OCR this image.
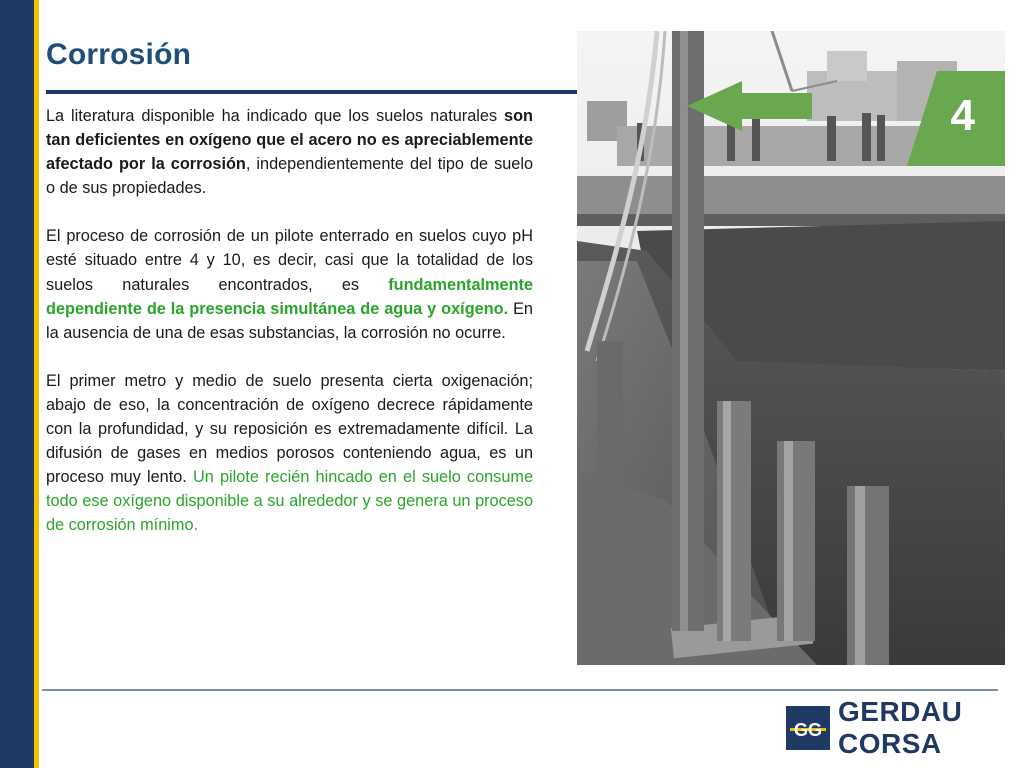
Corrosión

La literatura disponible ha indicado que los suelos naturales son tan deficientes en oxígeno que el acero no es apreciablemente afectado por la corrosión, independientemente del tipo de suelo o de sus propiedades.

El proceso de corrosión de un pilote enterrado en suelos cuyo pH esté situado entre 4 y 10, es decir, casi que la totalidad de los suelos naturales encontrados, es fundamentalmente dependiente de la presencia simultánea de agua y oxígeno. En la ausencia de una de esas substancias, la corrosión no ocurre.

El primer metro y medio de suelo presenta cierta oxigenación; abajo de eso, la concentración de oxígeno decrece rápidamente con la profundidad, y su reposición es extremadamente difícil. La difusión de gases en medios porosos conteniendo agua, es un proceso muy lento. Un pilote recién hincado en el suelo consume todo ese oxígeno disponible a su alrededor y se genera un proceso de corrosión mínimo.

4
GG
GERDAU CORSA
